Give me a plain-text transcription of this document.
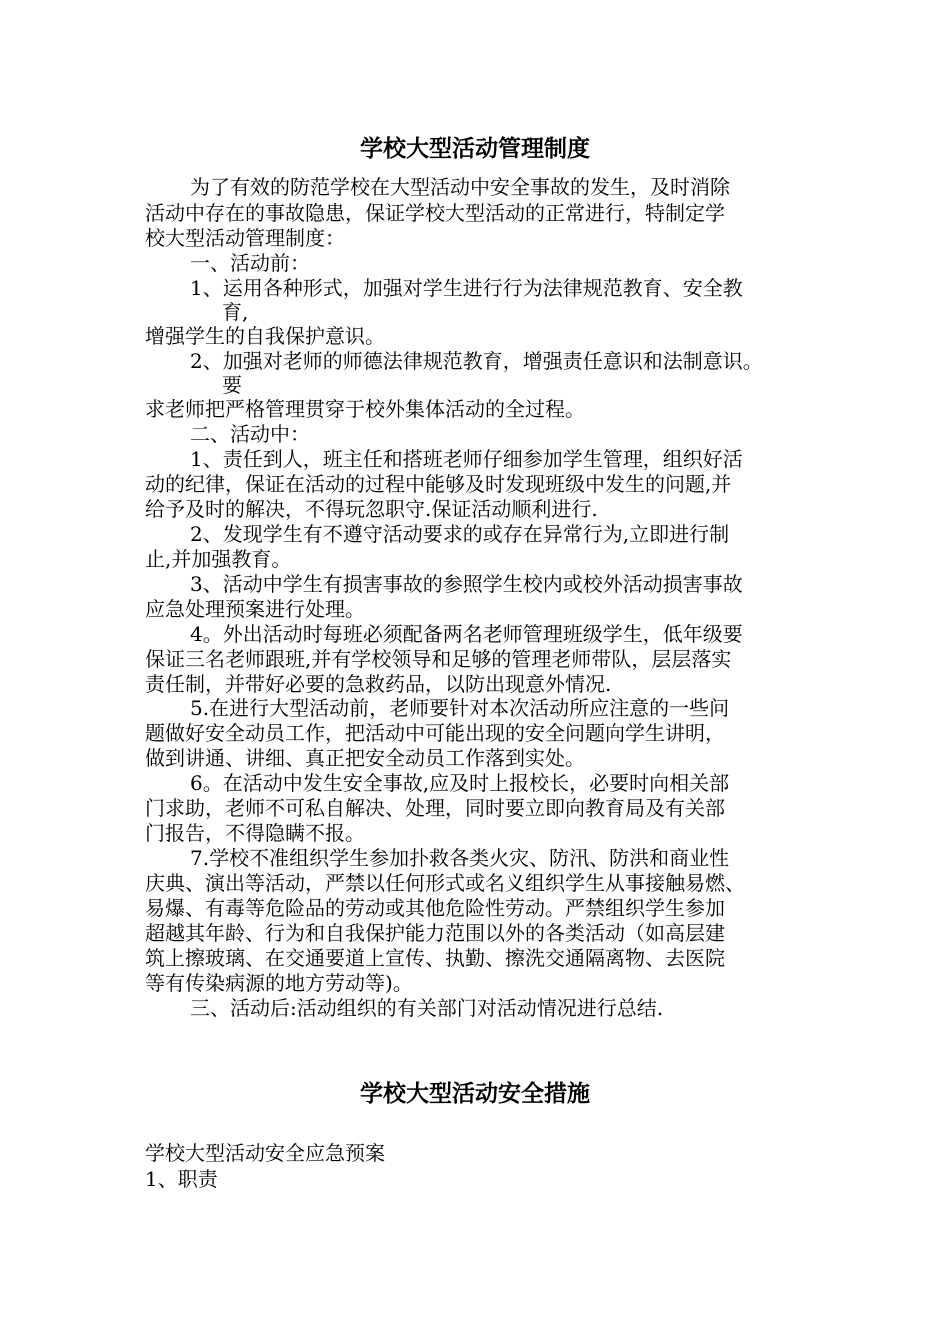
学校大型活动管理制度
为了有效的防范学校在大型活动中安全事故的发生，及时消除
活动中存在的事故隐患，保证学校大型活动的正常进行，特制定学
校大型活动管理制度：
一、活动前：
1、运用各种形式，加强对学生进行行为法律规范教育、安全教
育,
增强学生的自我保护意识。
2、加强对老师的师德法律规范教育，增强责任意识和法制意识。
要
求老师把严格管理贯穿于校外集体活动的全过程。
二、活动中：
1、责任到人，班主任和搭班老师仔细参加学生管理，组织好活
动的纪律，保证在活动的过程中能够及时发现班级中发生的问题,并
给予及时的解决，不得玩忽职守.保证活动顺利进行.
2、发现学生有不遵守活动要求的或存在异常行为,立即进行制
止,并加强教育。
3、活动中学生有损害事故的参照学生校内或校外活动损害事故
应急处理预案进行处理。
4。外出活动时每班必须配备两名老师管理班级学生，低年级要
保证三名老师跟班,并有学校领导和足够的管理老师带队，层层落实
责任制，并带好必要的急救药品，以防出现意外情况.
5.在进行大型活动前，老师要针对本次活动所应注意的一些问
题做好安全动员工作，把活动中可能出现的安全问题向学生讲明，
做到讲通、讲细、真正把安全动员工作落到实处。
6。在活动中发生安全事故,应及时上报校长，必要时向相关部
门求助，老师不可私自解决、处理，同时要立即向教育局及有关部
门报告，不得隐瞒不报。
7.学校不准组织学生参加扑救各类火灾、防汛、防洪和商业性
庆典、演出等活动，严禁以任何形式或名义组织学生从事接触易燃、
易爆、有毒等危险品的劳动或其他危险性劳动。严禁组织学生参加
超越其年龄、行为和自我保护能力范围以外的各类活动（如高层建
筑上擦玻璃、在交通要道上宣传、执勤、擦洗交通隔离物、去医院
等有传染病源的地方劳动等)。
三、活动后:活动组织的有关部门对活动情况进行总结.
学校大型活动安全措施
学校大型活动安全应急预案
1、职责
